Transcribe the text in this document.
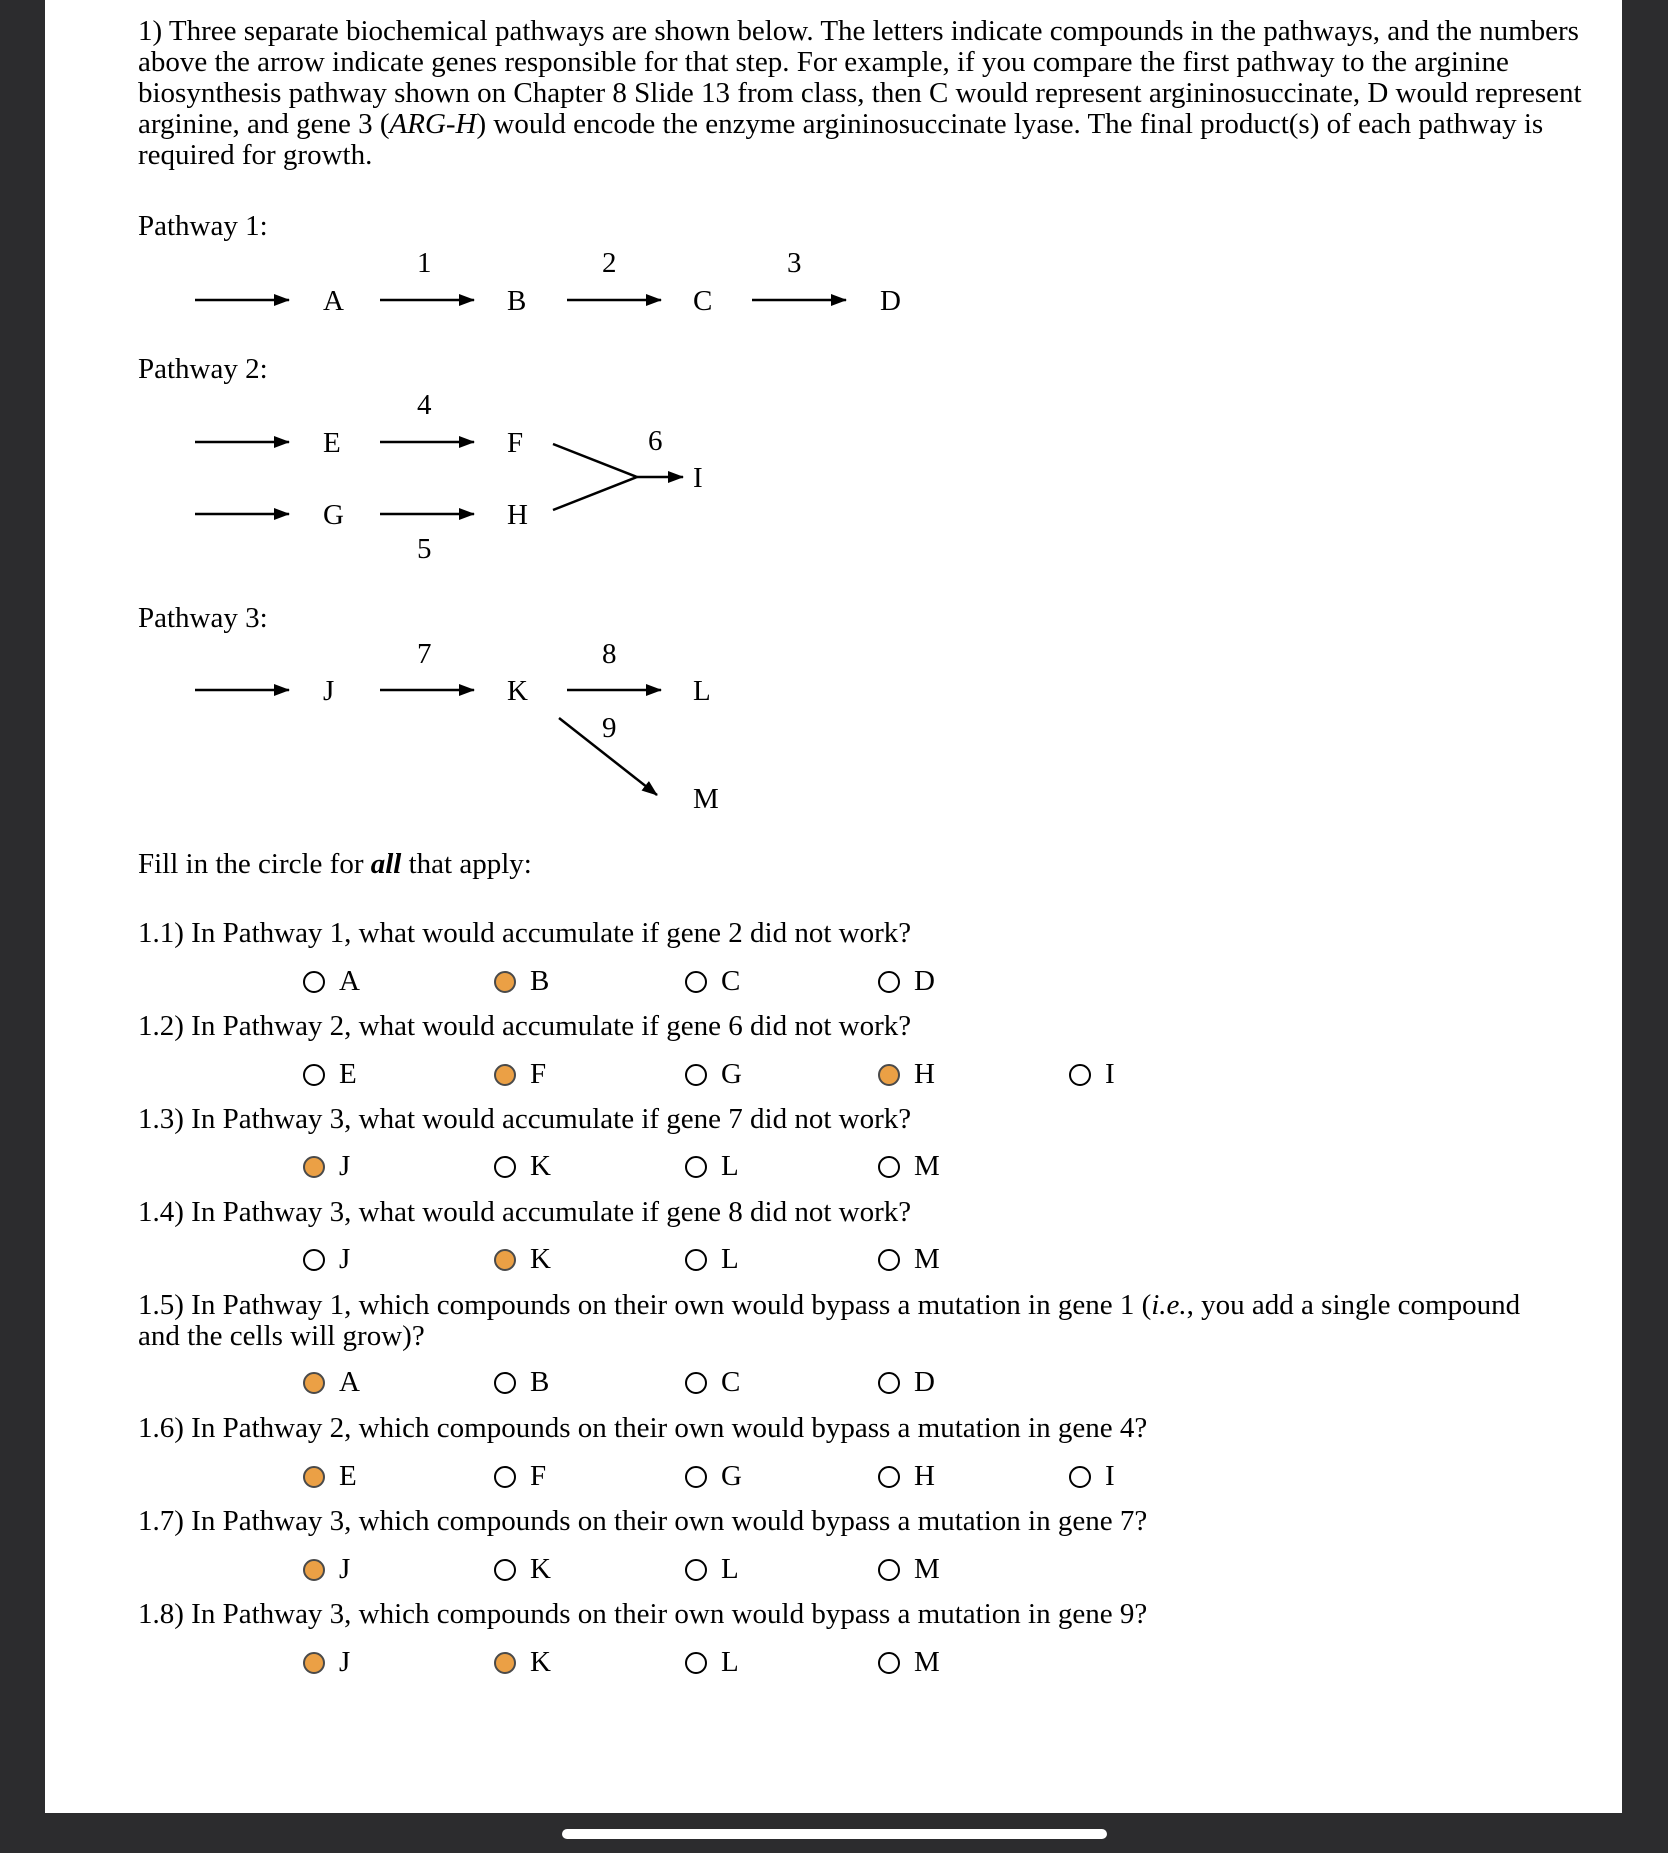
1) Three separate biochemical pathways are shown below. The letters indicate compounds in the pathways, and the numbers above the arrow indicate genes responsible for that step. For example, if you compare the first pathway to the arginine biosynthesis pathway shown on Chapter 8 Slide 13 from class, then C would represent argininosuccinate, D would represent arginine, and gene 3 (ARG-H) would encode the enzyme argininosuccinate lyase. The final product(s) of each pathway is required for growth.

Pathway 1:
A
1
B
2
C
3
D
Pathway 2:
E
4
F
G
5
H
6
I
Pathway 3:
J
7
K
8
L
9
M
Fill in the circle for all that apply:
1.1) In Pathway 1, what would accumulate if gene 2 did not work?
A	B	C	D
1.2) In Pathway 2, what would accumulate if gene 6 did not work?
E	F	G	H	I
1.3) In Pathway 3, what would accumulate if gene 7 did not work?
J	K	L	M
1.4) In Pathway 3, what would accumulate if gene 8 did not work?
J	K	L	M
1.5) In Pathway 1, which compounds on their own would bypass a mutation in gene 1 (i.e., you add a single compound and the cells will grow)?
A	B	C	D
1.6) In Pathway 2, which compounds on their own would bypass a mutation in gene 4?
E	F	G	H	I
1.7) In Pathway 3, which compounds on their own would bypass a mutation in gene 7?
J	K	L	M
1.8) In Pathway 3, which compounds on their own would bypass a mutation in gene 9?
J	K	L	M
